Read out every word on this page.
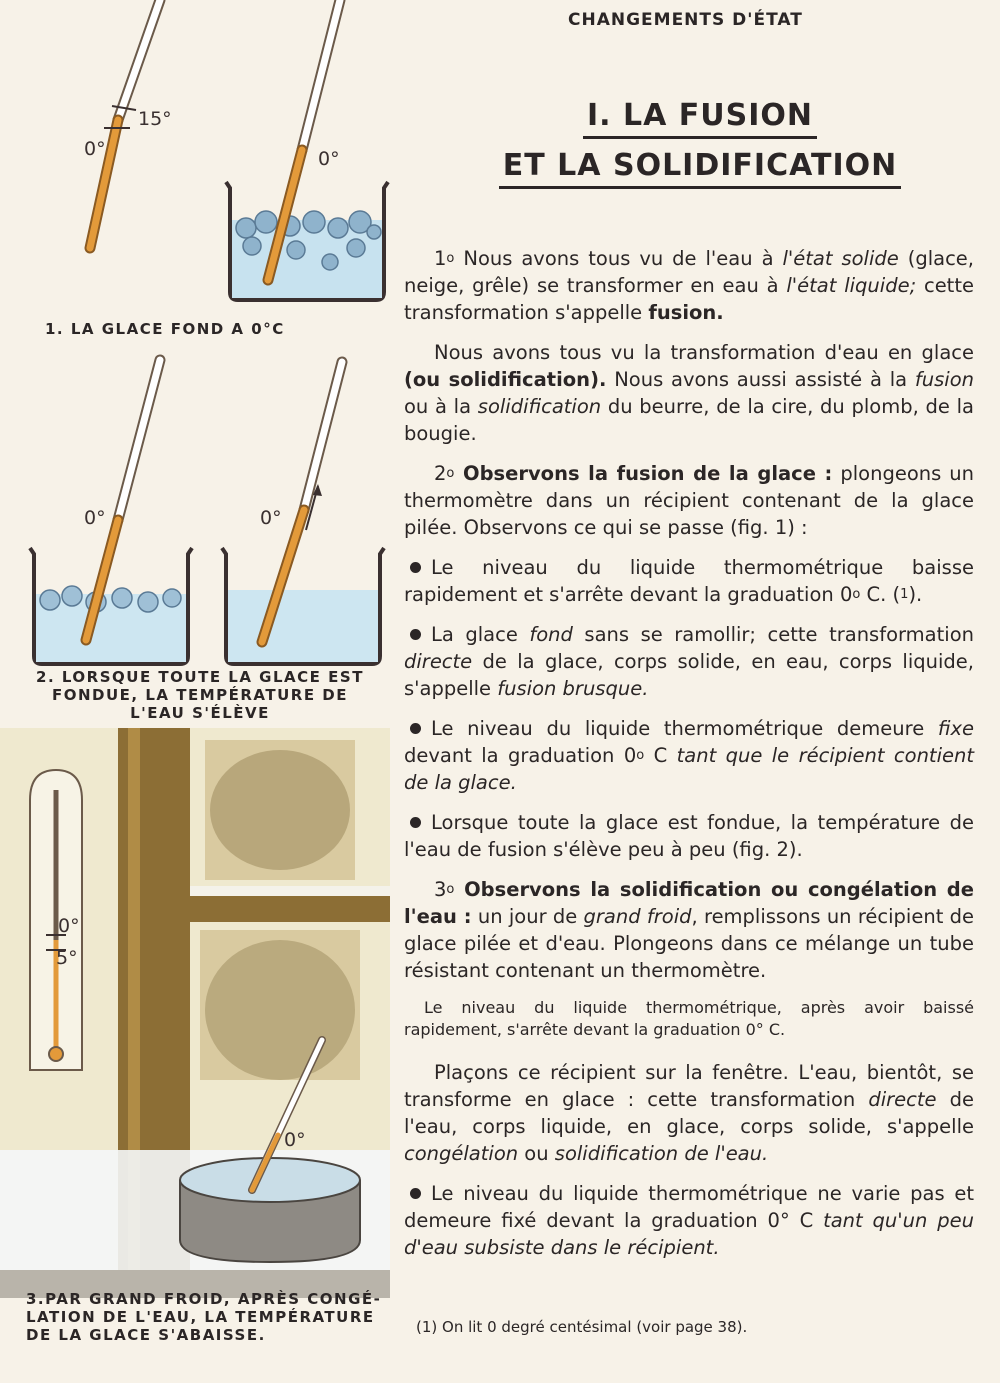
CHANGEMENTS D'ÉTAT
I. LA FUSION
ET LA SOLIDIFICATION
15°
0°	0°
0°	0°
0°
5°
0°
1. LA GLACE FOND A 0°C
2. LORSQUE TOUTE LA GLACE EST
FONDUE, LA TEMPÉRATURE DE
L'EAU S'ÉLÈVE
3.PAR GRAND FROID, APRÈS CONGÉ-
LATION DE L'EAU, LA TEMPÉRATURE
DE LA GLACE S'ABAISSE.

1$^o$ Nous avons tous vu de l'eau à l'état solide (glace, neige, grêle) se transformer en eau à l'état liquide; cette transformation s'appelle fusion.

Nous avons tous vu la transformation d'eau en glace (ou solidification). Nous avons aussi assisté à la fusion ou à la solidification du beurre, de la cire, du plomb, de la bougie.

2$^o$ Observons la fusion de la glace : plongeons un thermomètre dans un récipient contenant de la glace pilée. Observons ce qui se passe (fig. 1) :

Le niveau du liquide thermométrique baisse rapidement et s'arrête devant la graduation 0$^o$ C. ($^1$).

La glace fond sans se ramollir; cette transformation directe de la glace, corps solide, en eau, corps liquide, s'appelle fusion brusque.

Le niveau du liquide thermométrique demeure fixe devant la graduation 0$^o$ C tant que le récipient contient de la glace.

Lorsque toute la glace est fondue, la température de l'eau de fusion s'élève peu à peu (fig. 2).

3$^o$ Observons la solidification ou congélation de l'eau : un jour de grand froid, remplissons un récipient de glace pilée et d'eau. Plongeons dans ce mélange un tube résistant contenant un thermomètre.

Le niveau du liquide thermométrique, après avoir baissé rapidement, s'arrête devant la graduation 0° C.

Plaçons ce récipient sur la fenêtre. L'eau, bientôt, se transforme en glace : cette transformation directe de l'eau, corps liquide, en glace, corps solide, s'appelle congélation ou solidification de l'eau.

Le niveau du liquide thermométrique ne varie pas et demeure fixé devant la graduation 0° C tant qu'un peu d'eau subsiste dans le récipient.

(1) On lit 0 degré centésimal (voir page 38).
